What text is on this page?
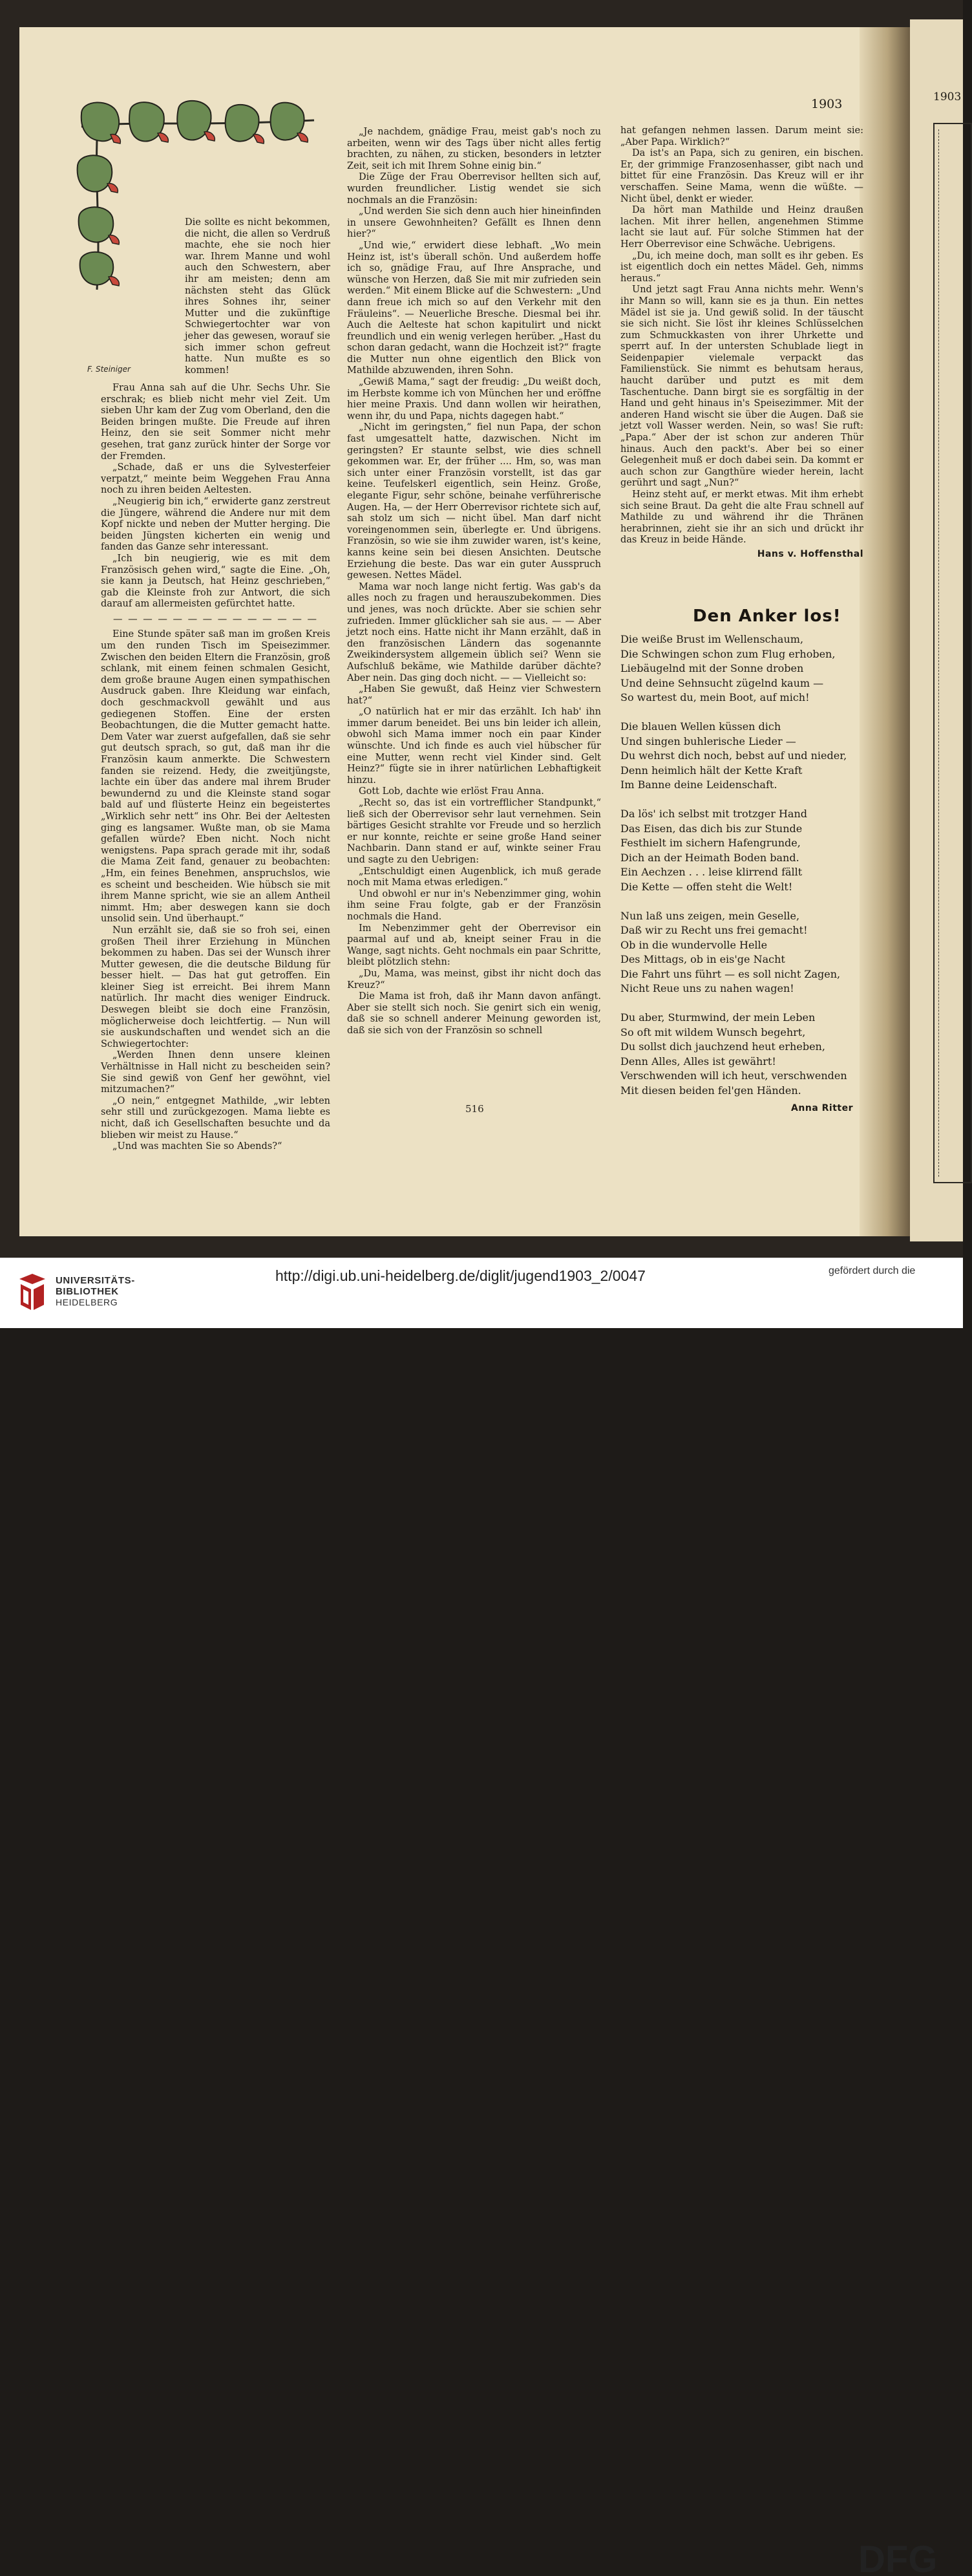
1903	1903
F. Steiniger

Die sollte es nicht bekommen, die nicht, die allen so Verdruß machte, ehe sie noch hier war. Ihrem Manne und wohl auch den Schwestern, aber ihr am meisten; denn am nächsten steht das Glück ihres Sohnes ihr, seiner Mutter und die zukünftige Schwiegertochter war von jeher das gewesen, worauf sie sich immer schon gefreut hatte. Nun mußte es so kommen!

Frau Anna sah auf die Uhr. Sechs Uhr. Sie erschrak; es blieb nicht mehr viel Zeit. Um sieben Uhr kam der Zug vom Oberland, den die Beiden bringen mußte. Die Freude auf ihren Heinz, den sie seit Sommer nicht mehr gesehen, trat ganz zurück hinter der Sorge vor der Fremden.

„Schade, daß er uns die Sylvesterfeier verpatzt,“ meinte beim Weggehen Frau Anna noch zu ihren beiden Aeltesten.

„Neugierig bin ich,“ erwiderte ganz zerstreut die Jüngere, während die Andere nur mit dem Kopf nickte und neben der Mutter herging. Die beiden Jüngsten kicherten ein wenig und fanden das Ganze sehr interessant.

„Ich bin neugierig, wie es mit dem Französisch gehen wird,“ sagte die Eine. „Oh, sie kann ja Deutsch, hat Heinz geschrieben,“ gab die Kleinste froh zur Antwort, die sich darauf am allermeisten gefürchtet hatte.

— — — — — — — — — — — — — —

Eine Stunde später saß man im großen Kreis um den runden Tisch im Speisezimmer. Zwischen den beiden Eltern die Französin, groß schlank, mit einem feinen schmalen Gesicht, dem große braune Augen einen sympathischen Ausdruck gaben. Ihre Kleidung war einfach, doch geschmackvoll gewählt und aus gediegenen Stoffen. Eine der ersten Beobachtungen, die die Mutter gemacht hatte. Dem Vater war zuerst aufgefallen, daß sie sehr gut deutsch sprach, so gut, daß man ihr die Französin kaum anmerkte. Die Schwestern fanden sie reizend. Hedy, die zweitjüngste, lachte ein über das andere mal ihrem Bruder bewundernd zu und die Kleinste stand sogar bald auf und flüsterte Heinz ein begeistertes „Wirklich sehr nett“ ins Ohr. Bei der Aeltesten ging es langsamer. Wußte man, ob sie Mama gefallen würde? Eben nicht. Noch nicht wenigstens. Papa sprach gerade mit ihr, sodaß die Mama Zeit fand, genauer zu beobachten: „Hm, ein feines Benehmen, anspruchslos, wie es scheint und bescheiden. Wie hübsch sie mit ihrem Manne spricht, wie sie an allem Antheil nimmt. Hm; aber deswegen kann sie doch unsolid sein. Und überhaupt.“

Nun erzählt sie, daß sie so froh sei, einen großen Theil ihrer Erziehung in München bekommen zu haben. Das sei der Wunsch ihrer Mutter gewesen, die die deutsche Bildung für besser hielt. — Das hat gut getroffen. Ein kleiner Sieg ist erreicht. Bei ihrem Mann natürlich. Ihr macht dies weniger Eindruck. Deswegen bleibt sie doch eine Französin, möglicherweise doch leichtfertig. — Nun will sie auskundschaften und wendet sich an die Schwiegertochter:

„Werden Ihnen denn unsere kleinen Verhältnisse in Hall nicht zu bescheiden sein? Sie sind gewiß von Genf her gewöhnt, viel mitzumachen?“

„O nein,“ entgegnet Mathilde, „wir lebten sehr still und zurückgezogen. Mama liebte es nicht, daß ich Gesellschaften besuchte und da blieben wir meist zu Hause.“

„Und was machten Sie so Abends?“

„Je nachdem, gnädige Frau, meist gab's noch zu arbeiten, wenn wir des Tags über nicht alles fertig brachten, zu nähen, zu sticken, besonders in letzter Zeit, seit ich mit Ihrem Sohne einig bin.“

Die Züge der Frau Oberrevisor hellten sich auf, wurden freundlicher. Listig wendet sie sich nochmals an die Französin:

„Und werden Sie sich denn auch hier hineinfinden in unsere Gewohnheiten? Gefällt es Ihnen denn hier?“

„Und wie,“ erwidert diese lebhaft. „Wo mein Heinz ist, ist's überall schön. Und außerdem hoffe ich so, gnädige Frau, auf Ihre Ansprache, und wünsche von Herzen, daß Sie mit mir zufrieden sein werden.“ Mit einem Blicke auf die Schwestern: „Und dann freue ich mich so auf den Verkehr mit den Fräuleins“. — Neuerliche Bresche. Diesmal bei ihr. Auch die Aelteste hat schon kapitulirt und nickt freundlich und ein wenig verlegen herüber. „Hast du schon daran gedacht, wann die Hochzeit ist?“ fragte die Mutter nun ohne eigentlich den Blick von Mathilde abzuwenden, ihren Sohn.

„Gewiß Mama,“ sagt der freudig: „Du weißt doch, im Herbste komme ich von München her und eröffne hier meine Praxis. Und dann wollen wir heirathen, wenn ihr, du und Papa, nichts dagegen habt.“

„Nicht im geringsten,“ fiel nun Papa, der schon fast umgesattelt hatte, dazwischen. Nicht im geringsten? Er staunte selbst, wie dies schnell gekommen war. Er, der früher .... Hm, so, was man sich unter einer Französin vorstellt, ist das gar keine. Teufelskerl eigentlich, sein Heinz. Große, elegante Figur, sehr schöne, beinahe verführerische Augen. Ha, — der Herr Oberrevisor richtete sich auf, sah stolz um sich — nicht übel. Man darf nicht voreingenommen sein, überlegte er. Und übrigens. Französin, so wie sie ihm zuwider waren, ist's keine, kanns keine sein bei diesen Ansichten. Deutsche Erziehung die beste. Das war ein guter Ausspruch gewesen. Nettes Mädel.

Mama war noch lange nicht fertig. Was gab's da alles noch zu fragen und herauszubekommen. Dies und jenes, was noch drückte. Aber sie schien sehr zufrieden. Immer glücklicher sah sie aus. — — Aber jetzt noch eins. Hatte nicht ihr Mann erzählt, daß in den französischen Ländern das sogenannte Zweikindersystem allgemein üblich sei? Wenn sie Aufschluß bekäme, wie Mathilde darüber dächte? Aber nein. Das ging doch nicht. — — Vielleicht so:

„Haben Sie gewußt, daß Heinz vier Schwestern hat?“

„O natürlich hat er mir das erzählt. Ich hab' ihn immer darum beneidet. Bei uns bin leider ich allein, obwohl sich Mama immer noch ein paar Kinder wünschte. Und ich finde es auch viel hübscher für eine Mutter, wenn recht viel Kinder sind. Gelt Heinz?“ fügte sie in ihrer natürlichen Lebhaftigkeit hinzu.

Gott Lob, dachte wie erlöst Frau Anna.

„Recht so, das ist ein vortrefflicher Standpunkt,“ ließ sich der Oberrevisor sehr laut vernehmen. Sein bärtiges Gesicht strahlte vor Freude und so herzlich er nur konnte, reichte er seine große Hand seiner Nachbarin. Dann stand er auf, winkte seiner Frau und sagte zu den Uebrigen:

„Entschuldigt einen Augenblick, ich muß gerade noch mit Mama etwas erledigen.“

Und obwohl er nur in's Nebenzimmer ging, wohin ihm seine Frau folgte, gab er der Französin nochmals die Hand.

Im Nebenzimmer geht der Oberrevisor ein paarmal auf und ab, kneipt seiner Frau in die Wange, sagt nichts. Geht nochmals ein paar Schritte, bleibt plötzlich stehn:

„Du, Mama, was meinst, gibst ihr nicht doch das Kreuz?“

Die Mama ist froh, daß ihr Mann davon anfängt. Aber sie stellt sich noch. Sie genirt sich ein wenig, daß sie so schnell anderer Meinung geworden ist, daß sie sich von der Französin so schnell

hat gefangen nehmen lassen. Darum meint sie: „Aber Papa. Wirklich?“

Da ist's an Papa, sich zu geniren, ein bischen. Er, der grimmige Franzosenhasser, gibt nach und bittet für eine Französin. Das Kreuz will er ihr verschaffen. Seine Mama, wenn die wüßte. — Nicht übel, denkt er wieder.

Da hört man Mathilde und Heinz draußen lachen. Mit ihrer hellen, angenehmen Stimme lacht sie laut auf. Für solche Stimmen hat der Herr Oberrevisor eine Schwäche. Uebrigens.

„Du, ich meine doch, man sollt es ihr geben. Es ist eigentlich doch ein nettes Mädel. Geh, nimms heraus.“

Und jetzt sagt Frau Anna nichts mehr. Wenn's ihr Mann so will, kann sie es ja thun. Ein nettes Mädel ist sie ja. Und gewiß solid. In der täuscht sie sich nicht. Sie löst ihr kleines Schlüsselchen zum Schmuckkasten von ihrer Uhrkette und sperrt auf. In der untersten Schublade liegt in Seidenpapier vielemale verpackt das Familienstück. Sie nimmt es behutsam heraus, haucht darüber und putzt es mit dem Taschentuche. Dann birgt sie es sorgfältig in der Hand und geht hinaus in's Speisezimmer. Mit der anderen Hand wischt sie über die Augen. Daß sie jetzt voll Wasser werden. Nein, so was! Sie ruft: „Papa.“ Aber der ist schon zur anderen Thür hinaus. Auch den packt's. Aber bei so einer Gelegenheit muß er doch dabei sein. Da kommt er auch schon zur Gangthüre wieder herein, lacht gerührt und sagt „Nun?“

Heinz steht auf, er merkt etwas. Mit ihm erhebt sich seine Braut. Da geht die alte Frau schnell auf Mathilde zu und während ihr die Thränen herabrinnen, zieht sie ihr an sich und drückt ihr das Kreuz in beide Hände.

Hans v. Hoffensthal
Den Anker los!
Die weiße Brust im Wellenschaum,
Die Schwingen schon zum Flug erhoben,
Liebäugelnd mit der Sonne droben
Und deine Sehnsucht zügelnd kaum —
So wartest du, mein Boot, auf mich!
Die blauen Wellen küssen dich
Und singen buhlerische Lieder —
Du wehrst dich noch, bebst auf und nieder,
Denn heimlich hält der Kette Kraft
Im Banne deine Leidenschaft.
Da lös' ich selbst mit trotzger Hand
Das Eisen, das dich bis zur Stunde
Festhielt im sichern Hafengrunde,
Dich an der Heimath Boden band.
Ein Aechzen . . . leise klirrend fällt
Die Kette — offen steht die Welt!
Nun laß uns zeigen, mein Geselle,
Daß wir zu Recht uns frei gemacht!
Ob in die wundervolle Helle
Des Mittags, ob in eis'ge Nacht
Die Fahrt uns führt — es soll nicht Zagen,
Nicht Reue uns zu nahen wagen!
Du aber, Sturmwind, der mein Leben
So oft mit wildem Wunsch begehrt,
Du sollst dich jauchzend heut erheben,
Denn Alles, Alles ist gewährt!
Verschwenden will ich heut, verschwenden
Mit diesen beiden fel'gen Händen.
Anna Ritter
516
UNIVERSITÄTS-
BIBLIOTHEK
HEIDELBERG
DFG
http://digi.ub.uni-heidelberg.de/diglit/jugend1903_2/0047	gefördert durch die
